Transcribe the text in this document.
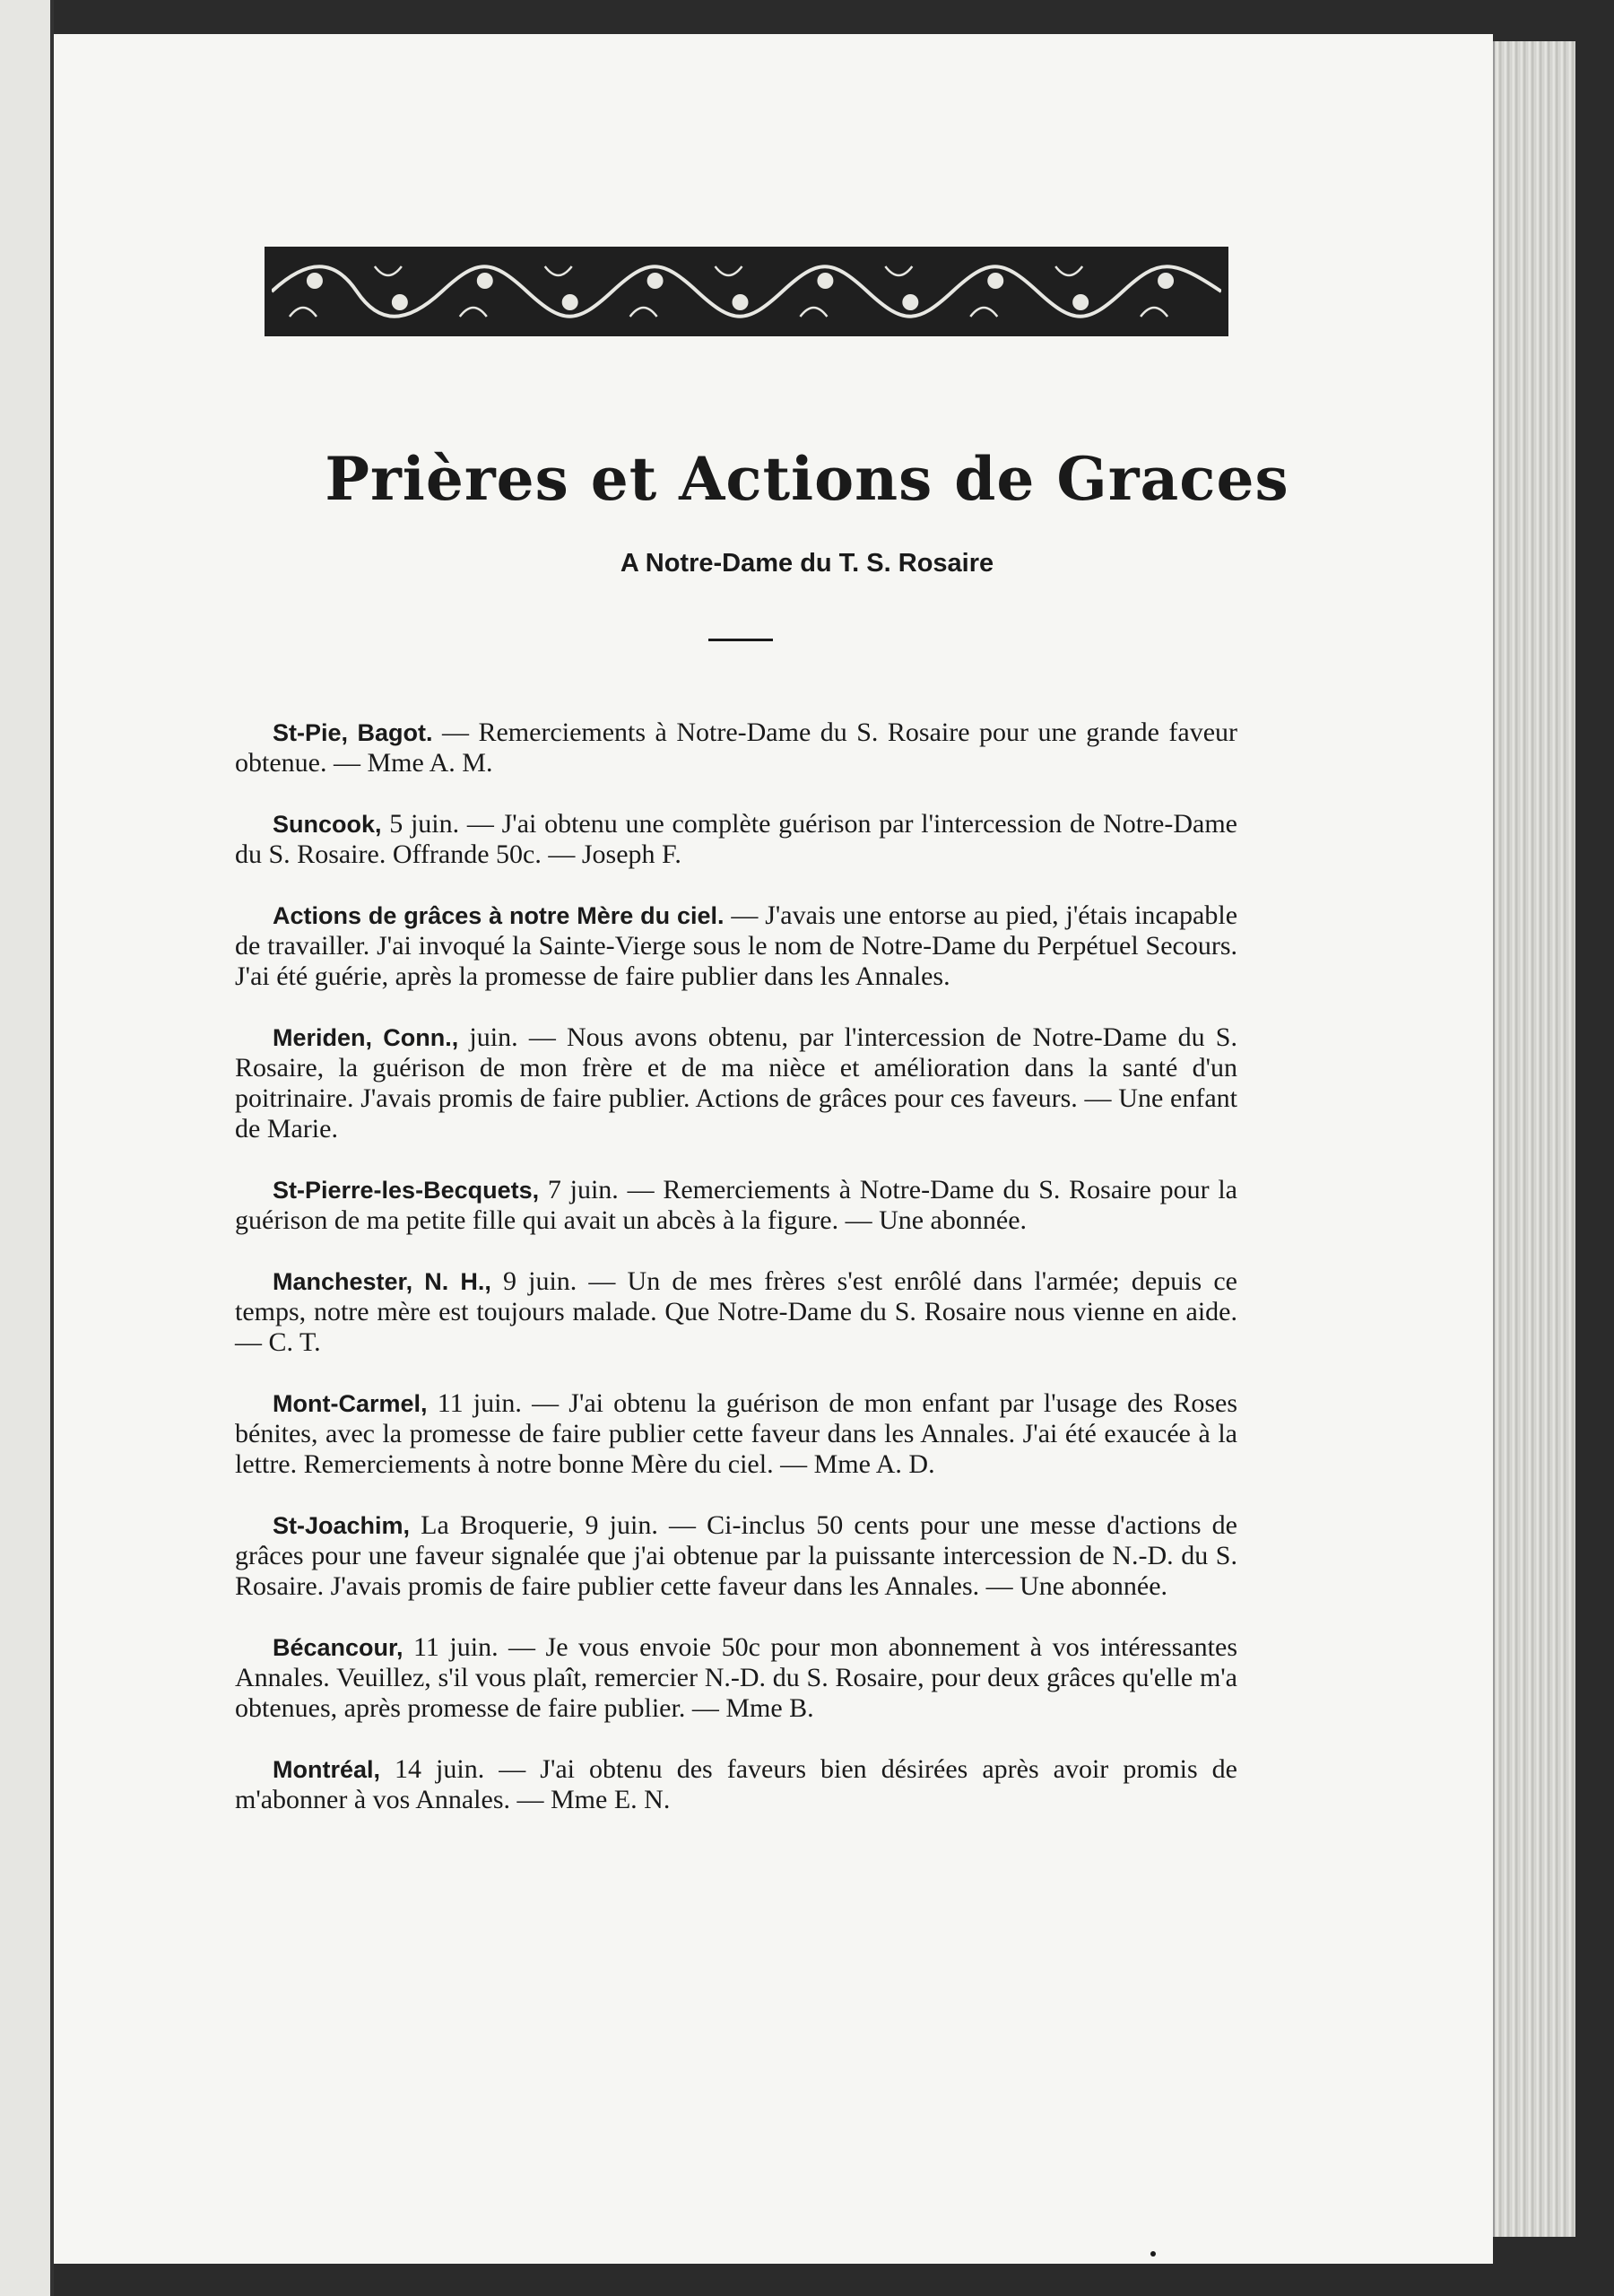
Prières et Actions de Graces
A Notre-Dame du T. S. Rosaire

St-Pie, Bagot. — Remerciements à Notre-Dame du S. Rosaire pour une grande faveur obtenue. — Mme A. M.

Suncook, 5 juin. — J'ai obtenu une complète guérison par l'intercession de Notre-Dame du S. Rosaire. Offrande 50c. — Joseph F.

Actions de grâces à notre Mère du ciel. — J'avais une entorse au pied, j'étais incapable de travailler. J'ai invoqué la Sainte-Vierge sous le nom de Notre-Dame du Perpétuel Secours. J'ai été guérie, après la promesse de faire publier dans les Annales.

Meriden, Conn., juin. — Nous avons obtenu, par l'intercession de Notre-Dame du S. Rosaire, la guérison de mon frère et de ma nièce et amélioration dans la santé d'un poitrinaire. J'avais promis de faire publier. Actions de grâces pour ces faveurs. — Une enfant de Marie.

St-Pierre-les-Becquets, 7 juin. — Remerciements à Notre-Dame du S. Rosaire pour la guérison de ma petite fille qui avait un abcès à la figure. — Une abonnée.

Manchester, N. H., 9 juin. — Un de mes frères s'est enrôlé dans l'armée; depuis ce temps, notre mère est toujours malade. Que Notre-Dame du S. Rosaire nous vienne en aide. — C. T.

Mont-Carmel, 11 juin. — J'ai obtenu la guérison de mon enfant par l'usage des Roses bénites, avec la promesse de faire publier cette faveur dans les Annales. J'ai été exaucée à la lettre. Remerciements à notre bonne Mère du ciel. — Mme A. D.

St-Joachim, La Broquerie, 9 juin. — Ci-inclus 50 cents pour une messe d'actions de grâces pour une faveur signalée que j'ai obtenue par la puissante intercession de N.-D. du S. Rosaire. J'avais promis de faire publier cette faveur dans les Annales. — Une abonnée.

Bécancour, 11 juin. — Je vous envoie 50c pour mon abonnement à vos intéressantes Annales. Veuillez, s'il vous plaît, remercier N.-D. du S. Rosaire, pour deux grâces qu'elle m'a obtenues, après promesse de faire publier. — Mme B.

Montréal, 14 juin. — J'ai obtenu des faveurs bien désirées après avoir promis de m'abonner à vos Annales. — Mme E. N.
